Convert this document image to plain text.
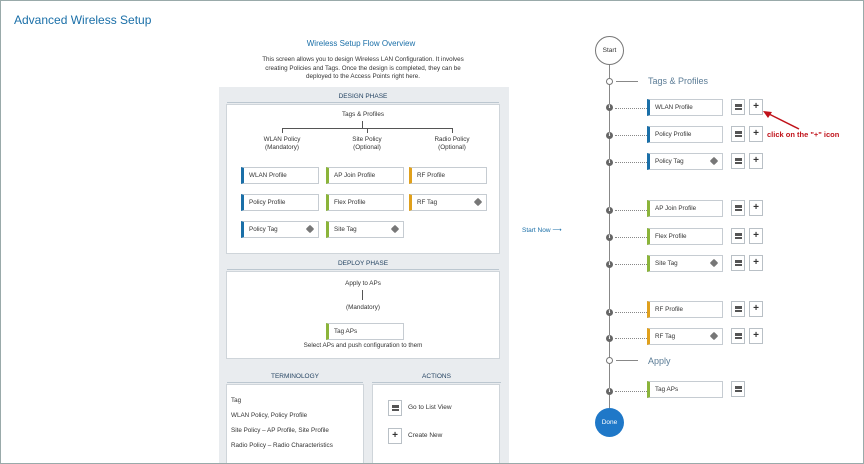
Advanced Wireless Setup
Wireless Setup Flow Overview
This screen allows you to design Wireless LAN Configuration. It involves
creating Policies and Tags. Once the design is completed, they can be
deployed to the Access Points right here.
DESIGN PHASE
Tags & Profiles
WLAN Policy
(Mandatory)
Site Policy
(Optional)
Radio Policy
(Optional)
WLAN Profile
Policy Profile
Policy Tag
AP Join Profile
Flex Profile
Site Tag
RF Profile
RF Tag
DEPLOY PHASE
Apply to APs
(Mandatory)
Tag APs
Select APs and push configuration to them
TERMINOLOGY
Tag
WLAN Policy, Policy Profile
Site Policy – AP Profile, Site Profile
Radio Policy – Radio Characteristics
ACTIONS
Go to List View
+	Create New
Start Now ⟶
Start
Tags & Profiles
Apply
Done
i	WLAN Profile	+
i	Policy Profile	+
i	Policy Tag	+
i	AP Join Profile	+
i	Flex Profile	+
i	Site Tag	+
i	RF Profile	+
i	RF Tag	+
i	Tag APs
click on the "+" icon
